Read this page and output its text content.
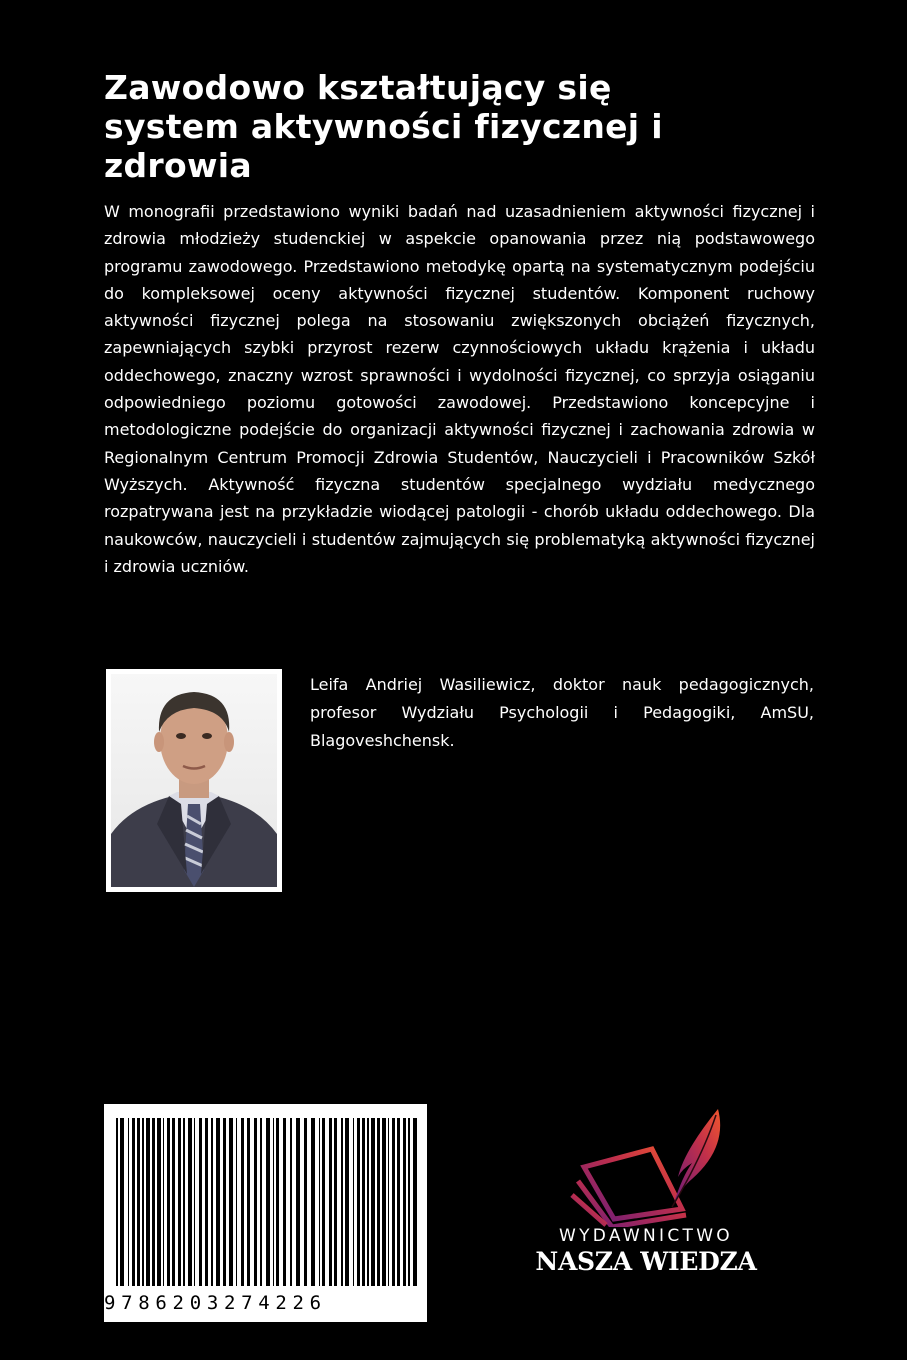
Zawodowo kształtujący się
system aktywności fizycznej i
zdrowia

W monografii przedstawiono wyniki badań nad uzasadnieniem aktywności fizycznej i zdrowia młodzieży studenckiej w aspekcie opanowania przez nią podstawowego programu zawodowego. Przedstawiono metodykę opartą na systematycznym podejściu do kompleksowej oceny aktywności fizycznej studentów. Komponent ruchowy aktywności fizycznej polega na stosowaniu zwiększonych obciążeń fizycznych, zapewniających szybki przyrost rezerw czynnościowych układu krążenia i układu oddechowego, znaczny wzrost sprawności i wydolności fizycznej, co sprzyja osiąganiu odpowiedniego poziomu gotowości zawodowej. Przedstawiono koncepcyjne i metodologiczne podejście do organizacji aktywności fizycznej i zachowania zdrowia w Regionalnym Centrum Promocji Zdrowia Studentów, Nauczycieli i Pracowników Szkół Wyższych. Aktywność fizyczna studentów specjalnego wydziału medycznego rozpatrywana jest na przykładzie wiodącej patologii - chorób układu oddechowego. Dla naukowców, nauczycieli i studentów zajmujących się problematyką aktywności fizycznej i zdrowia uczniów.

Leifa Andriej Wasiliewicz, doktor nauk pedagogicznych, profesor Wydziału Psychologii i Pedagogiki, AmSU, Blagoveshchensk.

9786203274226
WYDAWNICTWO
NASZA WIEDZA
